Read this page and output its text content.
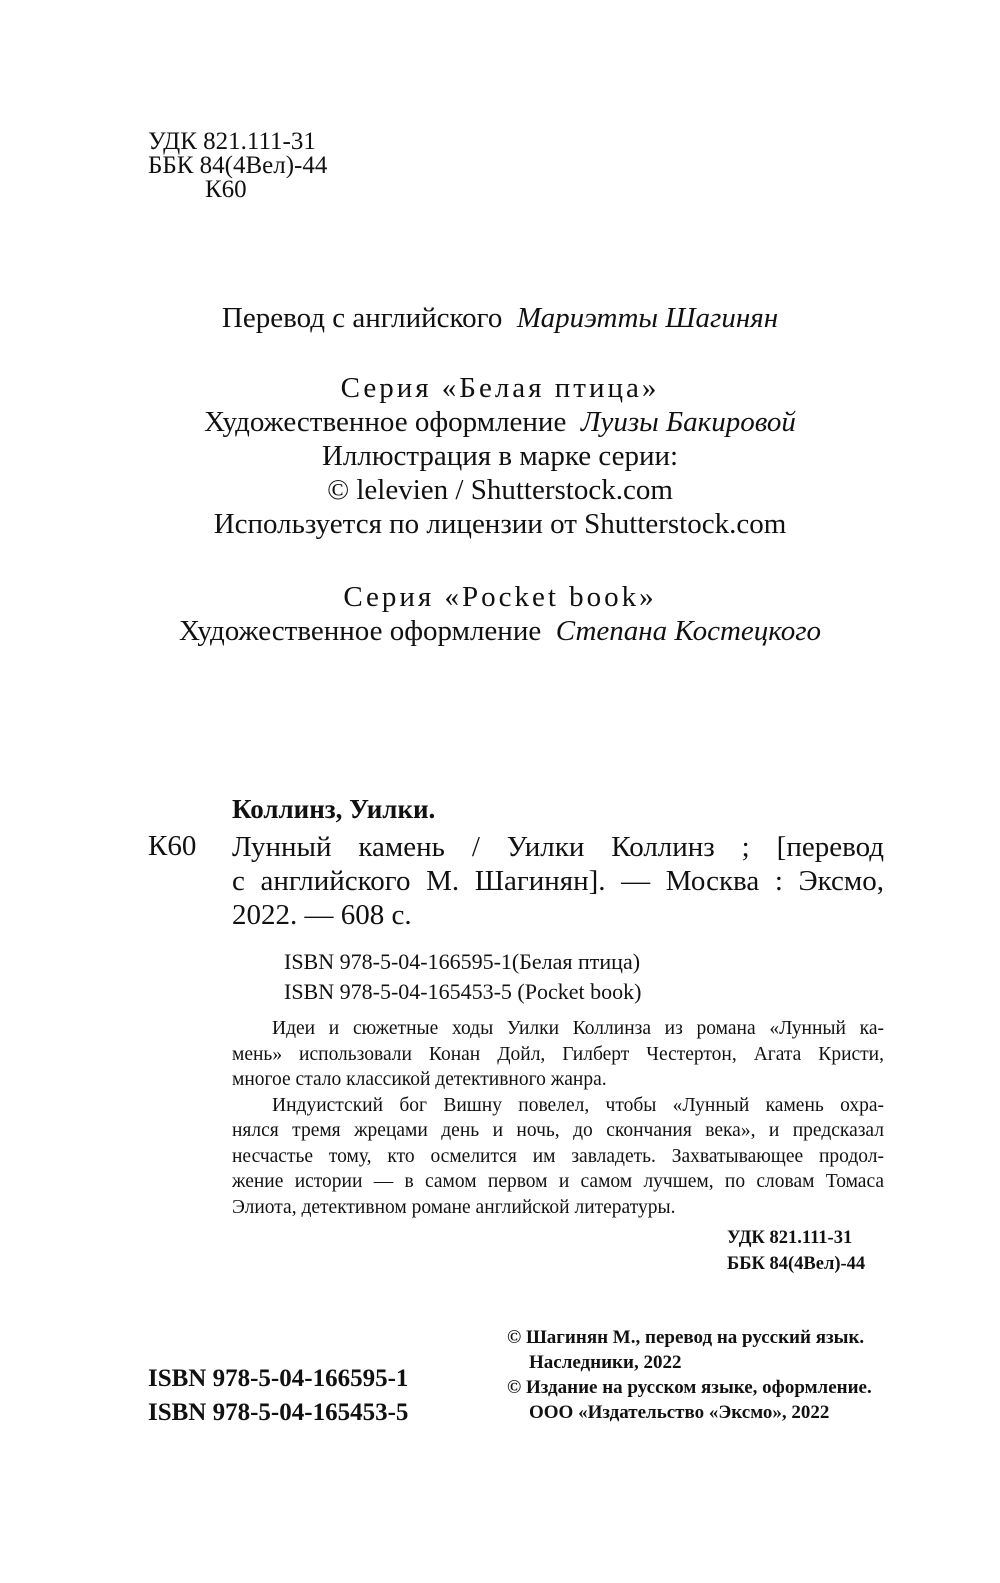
УДК 821.111-31
ББК 84(4Вел)-44
К60
Перевод с английского Мариэтты Шагинян
Серия «Белая птица»
Художественное оформление Луизы Бакировой
Иллюстрация в марке серии:
© lelevien / Shutterstock.com
Используется по лицензии от Shutterstock.com
Серия «Pocket book»
Художественное оформление Степана Костецкого
Коллинз, Уилки.
К60 Лунный камень / Уилки Коллинз ; [перевод
с английского М. Шагинян]. — Москва : Эксмо,
2022. — 608 с.
ISBN 978-5-04-166595-1(Белая птица)
ISBN 978-5-04-165453-5 (Pocket book)
Идеи и сюжетные ходы Уилки Коллинза из романа «Лунный ка-
мень» использовали Конан Дойл, Гилберт Честертон, Агата Кристи,
многое стало классикой детективного жанра.
Индуистский бог Вишну повелел, чтобы «Лунный камень охра-
нялся тремя жрецами день и ночь, до скончания века», и предсказал
несчастье тому, кто осмелится им завладеть. Захватывающее продол-
жение истории — в самом первом и самом лучшем, по словам Томаса
Элиота, детективном романе английской литературы.
УДК 821.111-31
ББК 84(4Вел)-44
ISBN 978-5-04-166595-1
ISBN 978-5-04-165453-5
© Шагинян М., перевод на русский язык.
Наследники, 2022
© Издание на русском языке, оформление.
ООО «Издательство «Эксмо», 2022
